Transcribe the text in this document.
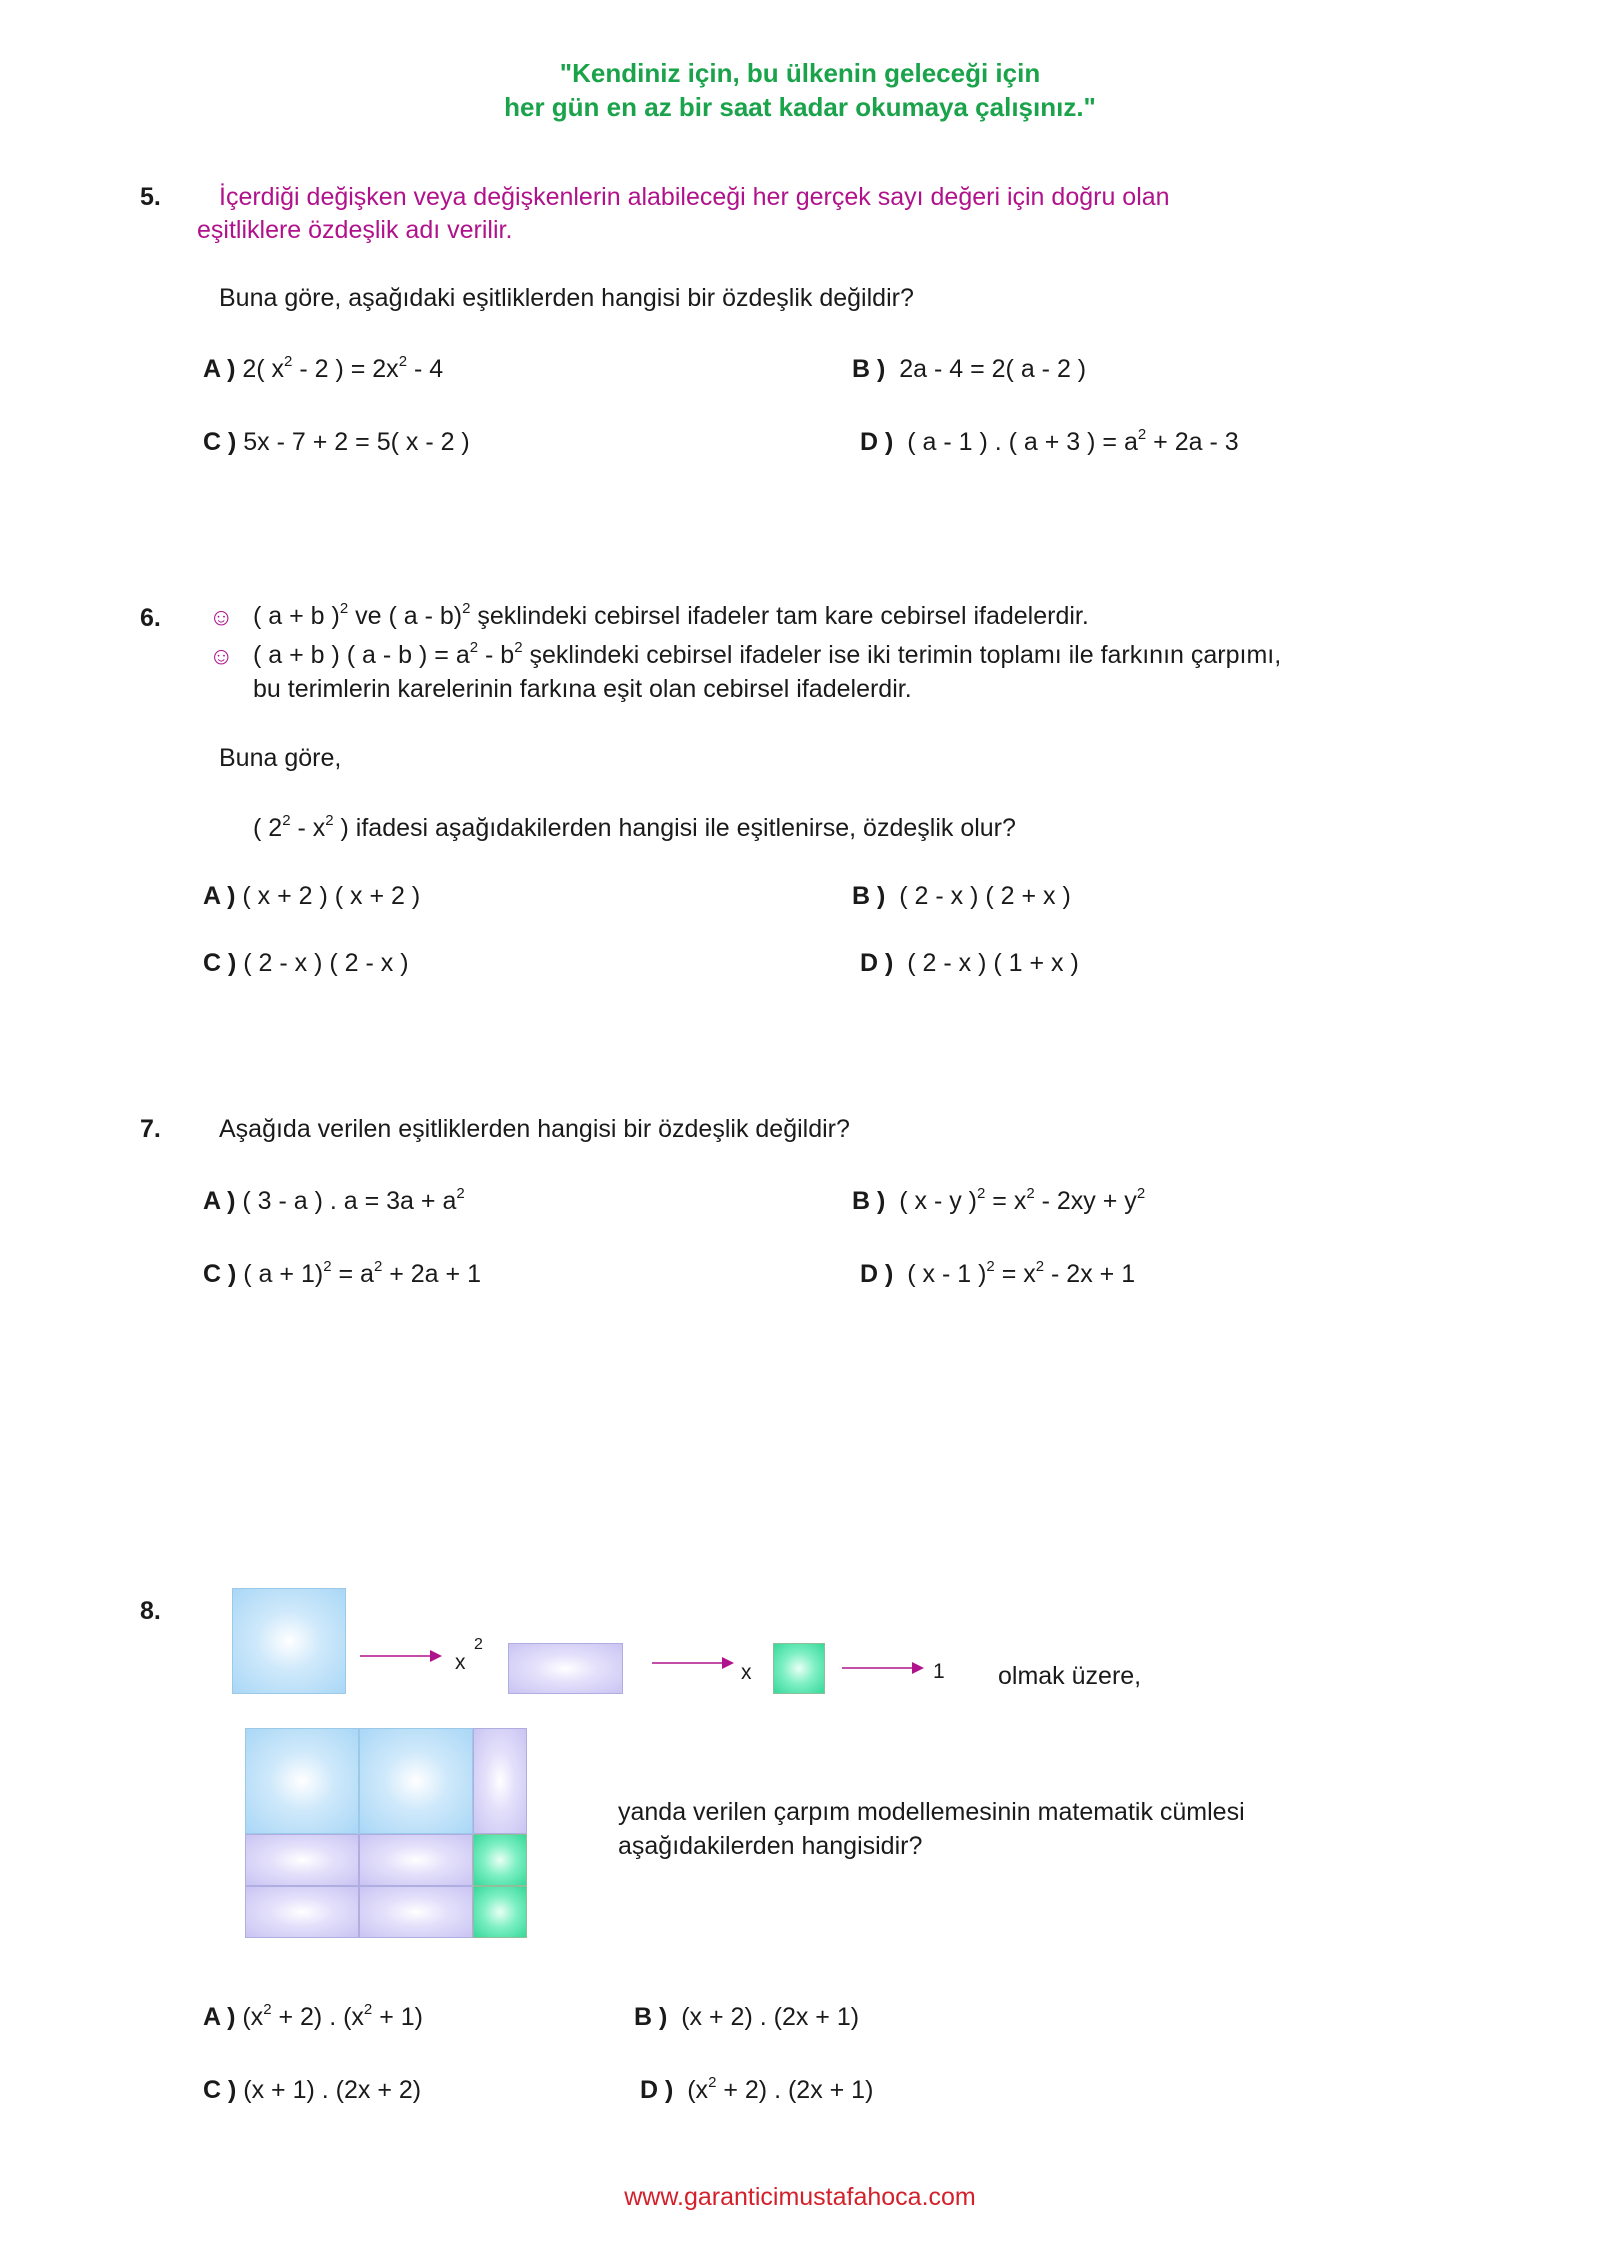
"Kendiniz için, bu ülkenin geleceği için
her gün en az bir saat kadar okumaya çalışınız."
5. İçerdiği değişken veya değişkenlerin alabileceği her gerçek sayı değeri için doğru olan
eşitliklere özdeşlik adı verilir.
Buna göre, aşağıdaki eşitliklerden hangisi bir özdeşlik değildir?
A ) 2( $x^2 - 2$ ) = $2x^2 - 4$	B ) 2a - 4 = 2( a - 2 )
C ) 5x - 7 + 2 = 5( x - 2 )	D ) ( a - 1 ) . ( a + 3 ) = $a^2 + 2a - 3$
6. ☺ ( a + b )$^2$ ve ( a - b)$^2$ şeklindeki cebirsel ifadeler tam kare cebirsel ifadelerdir.
☺ ( a + b ) ( a - b ) = $a^2 - b^2$ şeklindeki cebirsel ifadeler ise iki terimin toplamı ile farkının çarpımı,
bu terimlerin karelerinin farkına eşit olan cebirsel ifadelerdir.
Buna göre,
( $2^2 - x^2$ ) ifadesi aşağıdakilerden hangisi ile eşitlenirse, özdeşlik olur?
A ) ( x + 2 ) ( x + 2 )	B ) ( 2 - x ) ( 2 + x )
C ) ( 2 - x ) ( 2 - x )	D ) ( 2 - x ) ( 1 + x )
7. Aşağıda verilen eşitliklerden hangisi bir özdeşlik değildir?
A ) ( 3 - a ) . $a = 3a + a^2$	B ) ( x - y )$^2 = x^2 - 2xy + y^2$
C ) ( $a + 1)^2 = a^2 + 2a + 1$	D ) ( x - 1 )$^2 = x^2 - 2x + 1$
8.
x
2
x	1 olmak üzere,
yanda verilen çarpım modellemesinin matematik cümlesi
aşağıdakilerden hangisidir?
A ) $(x^2 + 2)$ . $(x^2 + 1)$	B ) (x + 2) . (2x + 1)
C ) (x + 1) . (2x + 2)	D ) $(x^2 + 2)$ . (2x + 1)
www.garanticimustafahoca.com
